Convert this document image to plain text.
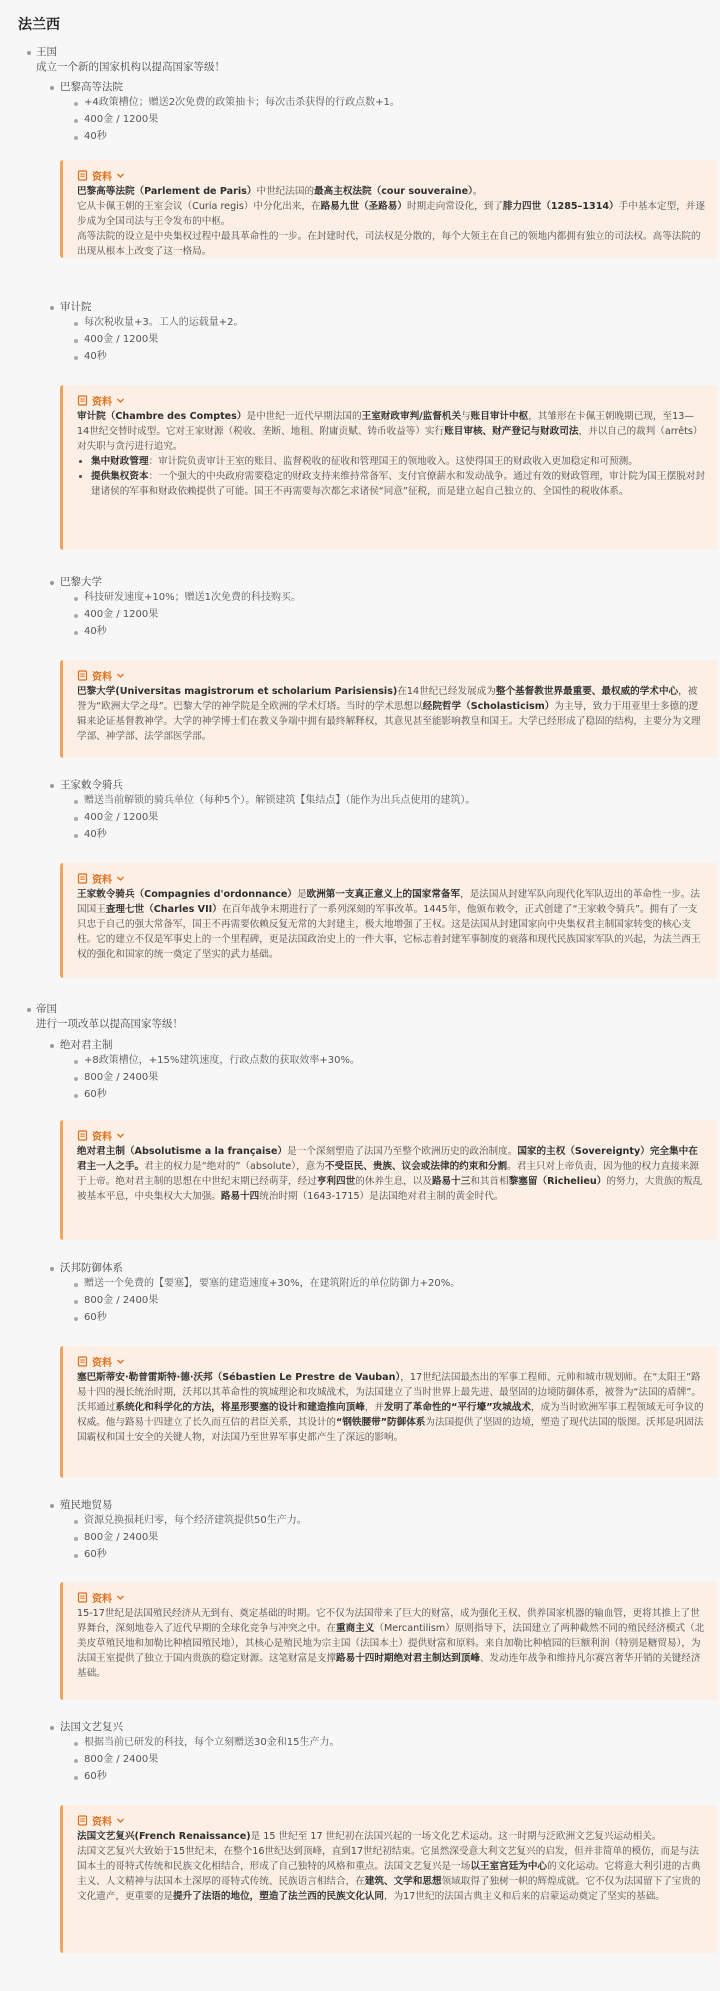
法兰西
王国
成立一个新的国家机构以提高国家等级！
巴黎高等法院
+4政策槽位；赠送2次免费的政策抽卡；每次击杀获得的行政点数+1。
400金 / 1200果
40秒
资料

巴黎高等法院（Parlement de Paris）中世纪法国的最高主权法院（cour souveraine）。

它从卡佩王朝的王室会议（Curia regis）中分化出来，在路易九世（圣路易）时期走向常设化，到了腓力四世（1285–1314）手中基本定型，并逐步成为全国司法与王令发布的中枢。

高等法院的设立是中央集权过程中最具革命性的一步。在封建时代，司法权是分散的，每个大领主在自己的领地内都拥有独立的司法权。高等法院的出现从根本上改变了这一格局。

审计院
每次税收量+3。工人的运载量+2。
400金 / 1200果
40秒
资料

审计院（Chambre des Comptes）是中世纪一近代早期法国的王室财政审判/监督机关与账目审计中枢，其雏形在卡佩王朝晚期已现，至13—14世纪交替时成型。它对王家财源（税收、垄断、地租、附庸贡赋、铸币收益等）实行账目审核、财产登记与财政司法，并以自己的裁判（arrêts）对失职与贪污进行追究。

• 集中财政管理：审计院负责审计王室的账目、监督税收的征收和管理国王的领地收入。这使得国王的财政收入更加稳定和可预测。
• 提供集权资本：一个强大的中央政府需要稳定的财政支持来维持常备军、支付官僚薪水和发动战争。通过有效的财政管理，审计院为国王摆脱对封建诸侯的军事和财政依赖提供了可能。国王不再需要每次都乞求诸侯“同意”征税，而是建立起自己独立的、全国性的税收体系。
巴黎大学
科技研发速度+10%；赠送1次免费的科技购买。
400金 / 1200果
40秒
资料

巴黎大学(Universitas magistrorum et scholarium Parisiensis)在14世纪已经发展成为整个基督教世界最重要、最权威的学术中心，被誉为“欧洲大学之母”。巴黎大学的神学院是全欧洲的学术灯塔。当时的学术思想以经院哲学（Scholasticism）为主导，致力于用亚里士多德的逻辑来论证基督教神学。大学的神学博士们在教义争端中拥有最终解释权，其意见甚至能影响教皇和国王。大学已经形成了稳固的结构，主要分为文理学部、神学部、法学部医学部。

王家敕令骑兵
赠送当前解锁的骑兵单位（每种5个）。解锁建筑【集结点】（能作为出兵点使用的建筑）。
400金 / 1200果
40秒
资料

王家敕令骑兵（Compagnies d'ordonnance）是欧洲第一支真正意义上的国家常备军，是法国从封建军队向现代化军队迈出的革命性一步。法国国王查理七世（Charles VII）在百年战争末期进行了一系列深刻的军事改革。1445年，他颁布敕令，正式创建了“王家敕令骑兵”。拥有了一支只忠于自己的强大常备军，国王不再需要依赖反复无常的大封建主，极大地增强了王权。这是法国从封建国家向中央集权君主制国家转变的核心支柱。它的建立不仅是军事史上的一个里程碑，更是法国政治史上的一件大事，它标志着封建军事制度的衰落和现代民族国家军队的兴起，为法兰西王权的强化和国家的统一奠定了坚实的武力基础。

帝国
进行一项改革以提高国家等级！
绝对君主制
+8政策槽位，+15%建筑速度，行政点数的获取效率+30%。
800金 / 2400果
60秒
资料

绝对君主制（Absolutisme a la française）是一个深刻塑造了法国乃至整个欧洲历史的政治制度。国家的主权（Sovereignty）完全集中在君主一人之手。君主的权力是“绝对的”（absolute），意为不受臣民、贵族、议会或法律的约束和分割。君主只对上帝负责，因为他的权力直接来源于上帝。绝对君主制的思想在中世纪末期已经萌芽，经过亨利四世的休养生息，以及路易十三和其首相黎塞留（Richelieu）的努力，大贵族的叛乱被基本平息，中央集权大大加强。路易十四统治时期（1643-1715）是法国绝对君主制的黄金时代。

沃邦防御体系
赠送一个免费的【要塞】，要塞的建造速度+30%，在建筑附近的单位防御力+20%。
800金 / 2400果
60秒
资料

塞巴斯蒂安·勒普雷斯特·德·沃邦（Sébastien Le Prestre de Vauban），17世纪法国最杰出的军事工程师、元帅和城市规划师。在“太阳王”路易十四的漫长统治时期，沃邦以其革命性的筑城理论和攻城战术，为法国建立了当时世界上最先进、最坚固的边境防御体系，被誉为“法国的盾牌”。

沃邦通过系统化和科学化的方法，将星形要塞的设计和建造推向顶峰，并发明了革命性的“平行壕”攻城战术，成为当时欧洲军事工程领域无可争议的权威。他与路易十四建立了长久而互信的君臣关系，其设计的“钢铁腰带”防御体系为法国提供了坚固的边境，塑造了现代法国的版图。沃邦是巩固法国霸权和国土安全的关键人物，对法国乃至世界军事史都产生了深远的影响。

殖民地贸易
资源兑换损耗归零，每个经济建筑提供50生产力。
800金 / 2400果
60秒
资料

15-17世纪是法国殖民经济从无到有、奠定基础的时期。它不仅为法国带来了巨大的财富，成为强化王权、供养国家机器的输血管，更将其推上了世界舞台，深刻地卷入了近代早期的全球化竞争与冲突之中。在重商主义（Mercantilism）原则指导下，法国建立了两种截然不同的殖民经济模式（北美皮草殖民地和加勒比种植园殖民地），其核心是殖民地为宗主国（法国本土）提供财富和原料。来自加勒比种植园的巨额利润（特别是糖贸易），为法国王室提供了独立于国内贵族的稳定财源。这笔财富是支撑路易十四时期绝对君主制达到顶峰、发动连年战争和维持凡尔赛宫奢华开销的关键经济基础。

法国文艺复兴
根据当前已研发的科技，每个立刻赠送30金和15生产力。
800金 / 2400果
60秒
资料

法国文艺复兴(French Renaissance)是 15 世纪至 17 世纪初在法国兴起的一场文化艺术运动。这一时期与泛欧洲文艺复兴运动相关。

法国文艺复兴大致始于15世纪末，在整个16世纪达到顶峰，直到17世纪初结束。它虽然深受意大利文艺复兴的启发，但并非简单的模仿，而是与法国本土的哥特式传统和民族文化相结合，形成了自己独特的风格和重点。法国文艺复兴是一场以王室宫廷为中心的文化运动。它将意大利引进的古典主义、人文精神与法国本土深厚的哥特式传统、民族语言相结合，在建筑、文学和思想领域取得了独树一帜的辉煌成就。它不仅为法国留下了宝贵的文化遗产，更重要的是提升了法语的地位，塑造了法兰西的民族文化认同，为17世纪的法国古典主义和后来的启蒙运动奠定了坚实的基础。
